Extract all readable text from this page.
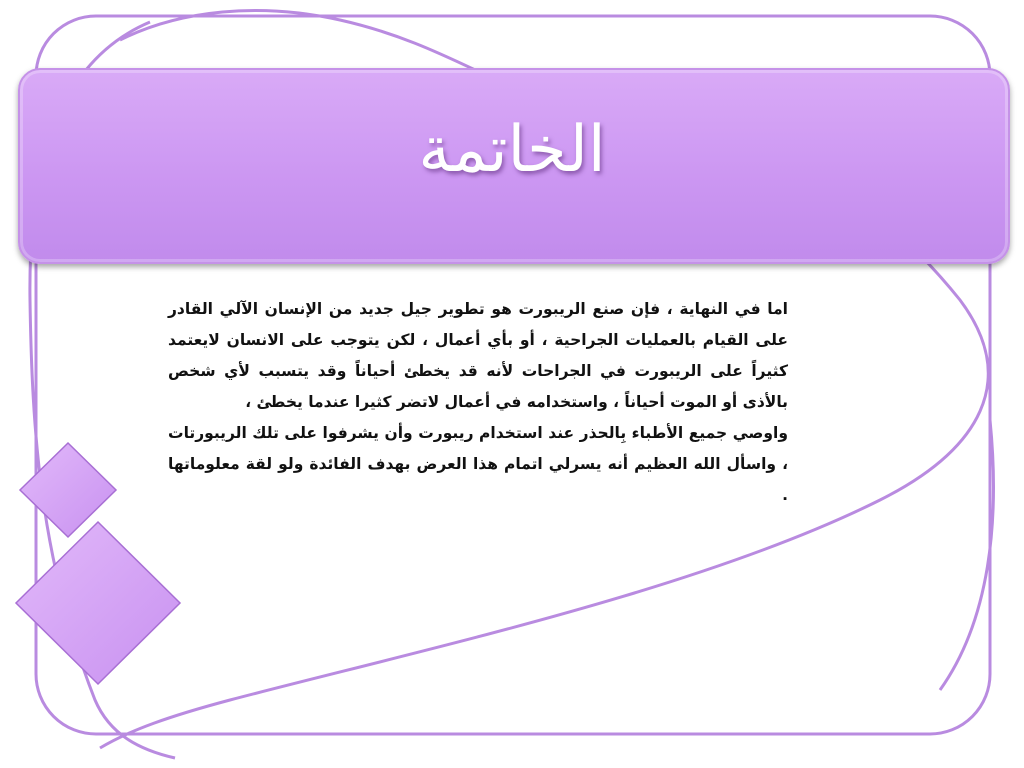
الخاتمة

اما في النهاية ، فإن صنع الريبورت هو تطوير جيل جديد من الإنسان الآلي القادر على القيام بالعمليات الجراحية ، أو بأي أعمال ، لكن يتوجب على الانسان لايعتمد كثيراً على الريبورت في الجراحات لأنه قد يخطئ أحياناً وقد يتسبب لأي شخص بالأذى أو الموت أحياناً ، واستخدامه في أعمال لاتضر كثيرا عندما يخطئ ،

واوصي جميع الأطباء بِالحذر عند استخدام ريبورت وأن يشرفوا على تلك الريبورتات ، واسأل الله العظيم أنه يسرلي اتمام هذا العرض بهدف الفائدة ولو لقة معلوماتها .
